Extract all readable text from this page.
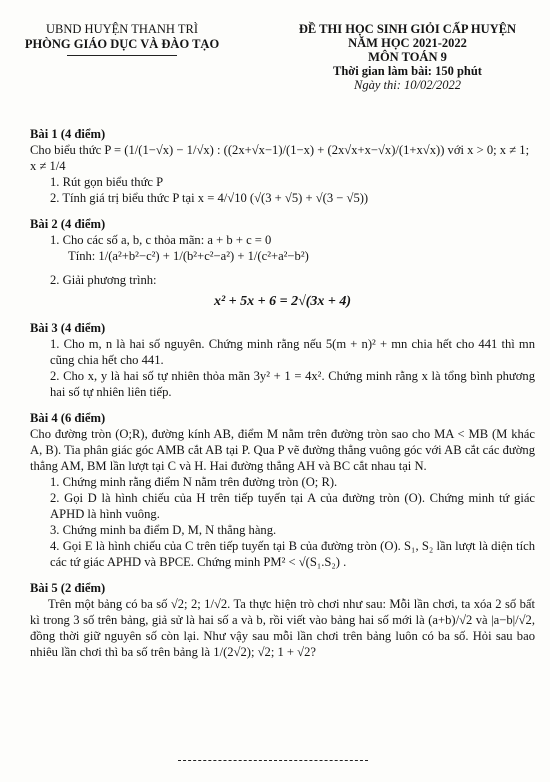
UBND HUYỆN THANH TRÌ
PHÒNG GIÁO DỤC VÀ ĐÀO TẠO
ĐỀ THI HỌC SINH GIỎI CẤP HUYỆN
NĂM HỌC 2021-2022
MÔN TOÁN 9
Thời gian làm bài: 150 phút
Ngày thi: 10/02/2022
Bài 1 (4 điểm)

Cho biểu thức P = (1/(1−√x) − 1/√x) : ((2x+√x−1)/(1−x) + (2x√x+x−√x)/(1+x√x)) với x > 0; x ≠ 1; x ≠ 1/4

1. Rút gọn biểu thức P

2. Tính giá trị biểu thức P tại x = 4/√10 (√(3 + √5) + √(3 − √5))

Bài 2 (4 điểm)

1. Cho các số a, b, c thỏa mãn: a + b + c = 0

Tính: 1/(a²+b²−c²) + 1/(b²+c²−a²) + 1/(c²+a²−b²)

2. Giải phương trình:

x² + 5x + 6 = 2√(3x + 4)
Bài 3 (4 điểm)

1. Cho m, n là hai số nguyên. Chứng minh rằng nếu 5(m + n)² + mn chia hết cho 441 thì mn cũng chia hết cho 441.

2. Cho x, y là hai số tự nhiên thỏa mãn 3y² + 1 = 4x². Chứng minh rằng x là tổng bình phương hai số tự nhiên liên tiếp.

Bài 4 (6 điểm)

Cho đường tròn (O;R), đường kính AB, điểm M nằm trên đường tròn sao cho MA < MB (M khác A, B). Tia phân giác góc AMB cắt AB tại P. Qua P vẽ đường thẳng vuông góc với AB cắt các đường thẳng AM, BM lần lượt tại C và H. Hai đường thẳng AH và BC cắt nhau tại N.

1. Chứng minh rằng điểm N nằm trên đường tròn (O; R).

2. Gọi D là hình chiếu của H trên tiếp tuyến tại A của đường tròn (O). Chứng minh tứ giác APHD là hình vuông.

3. Chứng minh ba điểm D, M, N thẳng hàng.

4. Gọi E là hình chiếu của C trên tiếp tuyến tại B của đường tròn (O). S₁, S₂ lần lượt là diện tích các tứ giác APHD và BPCE. Chứng minh PM² < √(S₁.S₂) .

Bài 5 (2 điểm)

Trên một bảng có ba số √2; 2; 1/√2. Ta thực hiện trò chơi như sau: Mỗi lần chơi, ta xóa 2 số bất kì trong 3 số trên bảng, giả sử là hai số a và b, rồi viết vào bảng hai số mới là (a+b)/√2 và |a−b|/√2, đồng thời giữ nguyên số còn lại. Như vậy sau mỗi lần chơi trên bảng luôn có ba số. Hỏi sau bao nhiêu lần chơi thì ba số trên bảng là 1/(2√2); √2; 1 + √2?
